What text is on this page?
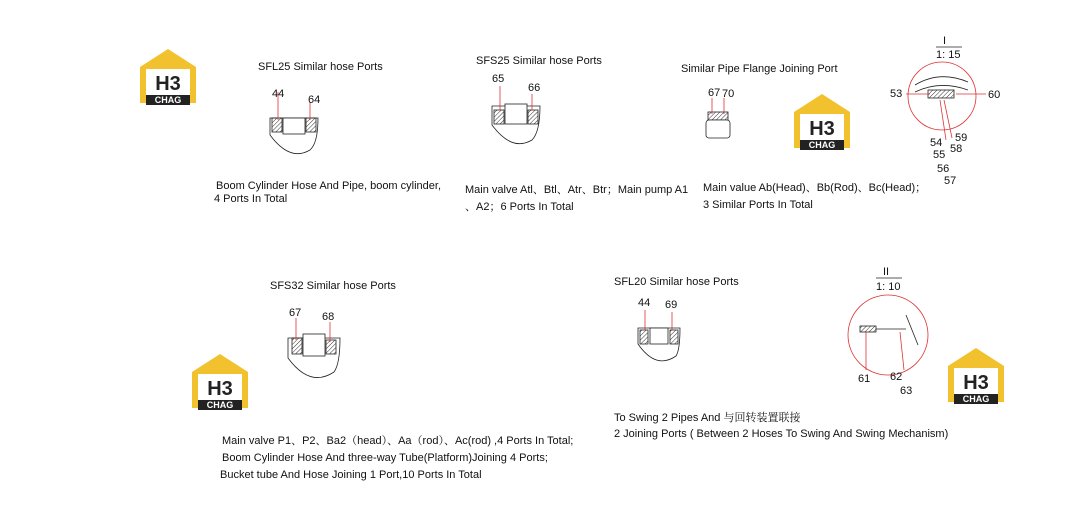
H3
CHAG
H3
CHAG
H3
CHAG
H3
CHAG
SFL25 Similar hose Ports
44 64
Boom Cylinder Hose And Pipe, boom cylinder,
4 Ports In Total
SFS25 Similar hose Ports
65
66
Main valve Atl、Btl、Atr、Btr；Main pump A1
、A2；6 Ports In Total
Similar Pipe Flange Joining Port
67 70
Main value Ab(Head)、Bb(Rod)、Bc(Head)；
3 Similar Ports In Total
I
1: 15
53	60
59
54 58
55
56
57
SFS32 Similar hose Ports
67 68
Main valve P1、P2、Ba2（head）、Aa（rod）、Ac(rod) ,4 Ports In Total;
Boom Cylinder Hose And three-way Tube(Platform)Joining 4 Ports;
Bucket tube And Hose Joining 1 Port,10 Ports In Total
SFL20 Similar hose Ports
44 69
To Swing 2 Pipes And 与回转装置联接
2 Joining Ports ( Between 2 Hoses To Swing And Swing Mechanism)
II
1: 10
61 62
63
